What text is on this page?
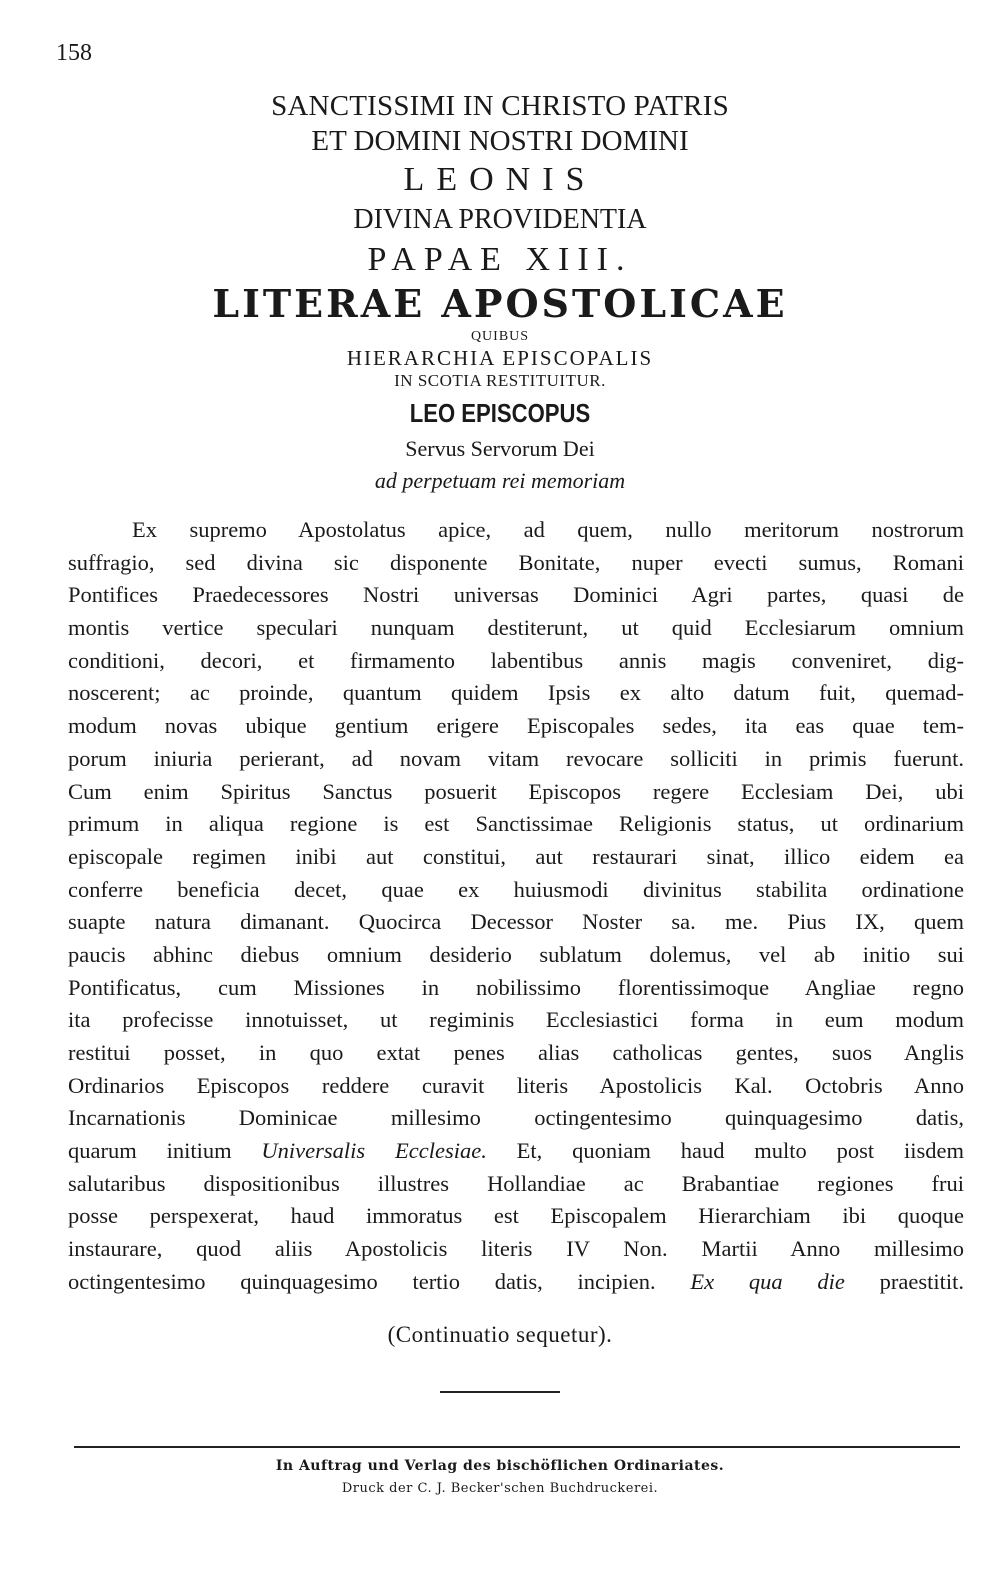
158
SANCTISSIMI IN CHRISTO PATRIS
ET DOMINI NOSTRI DOMINI
LEONIS
DIVINA PROVIDENTIA
PAPAE XIII.
LITERAE APOSTOLICAE
QUIBUS
HIERARCHIA EPISCOPALIS
IN SCOTIA RESTITUITUR.
LEO EPISCOPUS
Servus Servorum Dei
ad perpetuam rei memoriam
Ex supremo Apostolatus apice, ad quem, nullo meritorum nostrorum
suffragio, sed divina sic disponente Bonitate, nuper evecti sumus, Romani
Pontifices Praedecessores Nostri universas Dominici Agri partes, quasi de
montis vertice speculari nunquam destiterunt, ut quid Ecclesiarum omnium
conditioni, decori, et firmamento labentibus annis magis conveniret, dig-
noscerent; ac proinde, quantum quidem Ipsis ex alto datum fuit, quemad-
modum novas ubique gentium erigere Episcopales sedes, ita eas quae tem-
porum iniuria perierant, ad novam vitam revocare solliciti in primis fuerunt.
Cum enim Spiritus Sanctus posuerit Episcopos regere Ecclesiam Dei, ubi
primum in aliqua regione is est Sanctissimae Religionis status, ut ordinarium
episcopale regimen inibi aut constitui, aut restaurari sinat, illico eidem ea
conferre beneficia decet, quae ex huiusmodi divinitus stabilita ordinatione
suapte natura dimanant. Quocirca Decessor Noster sa. me. Pius IX, quem
paucis abhinc diebus omnium desiderio sublatum dolemus, vel ab initio sui
Pontificatus, cum Missiones in nobilissimo florentissimoque Angliae regno
ita profecisse innotuisset, ut regiminis Ecclesiastici forma in eum modum
restitui posset, in quo extat penes alias catholicas gentes, suos Anglis
Ordinarios Episcopos reddere curavit literis Apostolicis Kal. Octobris Anno
Incarnationis Dominicae millesimo octingentesimo quinquagesimo datis,
quarum initium Universalis Ecclesiae. Et, quoniam haud multo post iisdem
salutaribus dispositionibus illustres Hollandiae ac Brabantiae regiones frui
posse perspexerat, haud immoratus est Episcopalem Hierarchiam ibi quoque
instaurare, quod aliis Apostolicis literis IV Non. Martii Anno millesimo
octingentesimo quinquagesimo tertio datis, incipien. Ex qua die praestitit.
(Continuatio sequetur).
In Auftrag und Verlag des bischöflichen Ordinariates.
Druck der C. J. Becker'schen Buchdruckerei.
